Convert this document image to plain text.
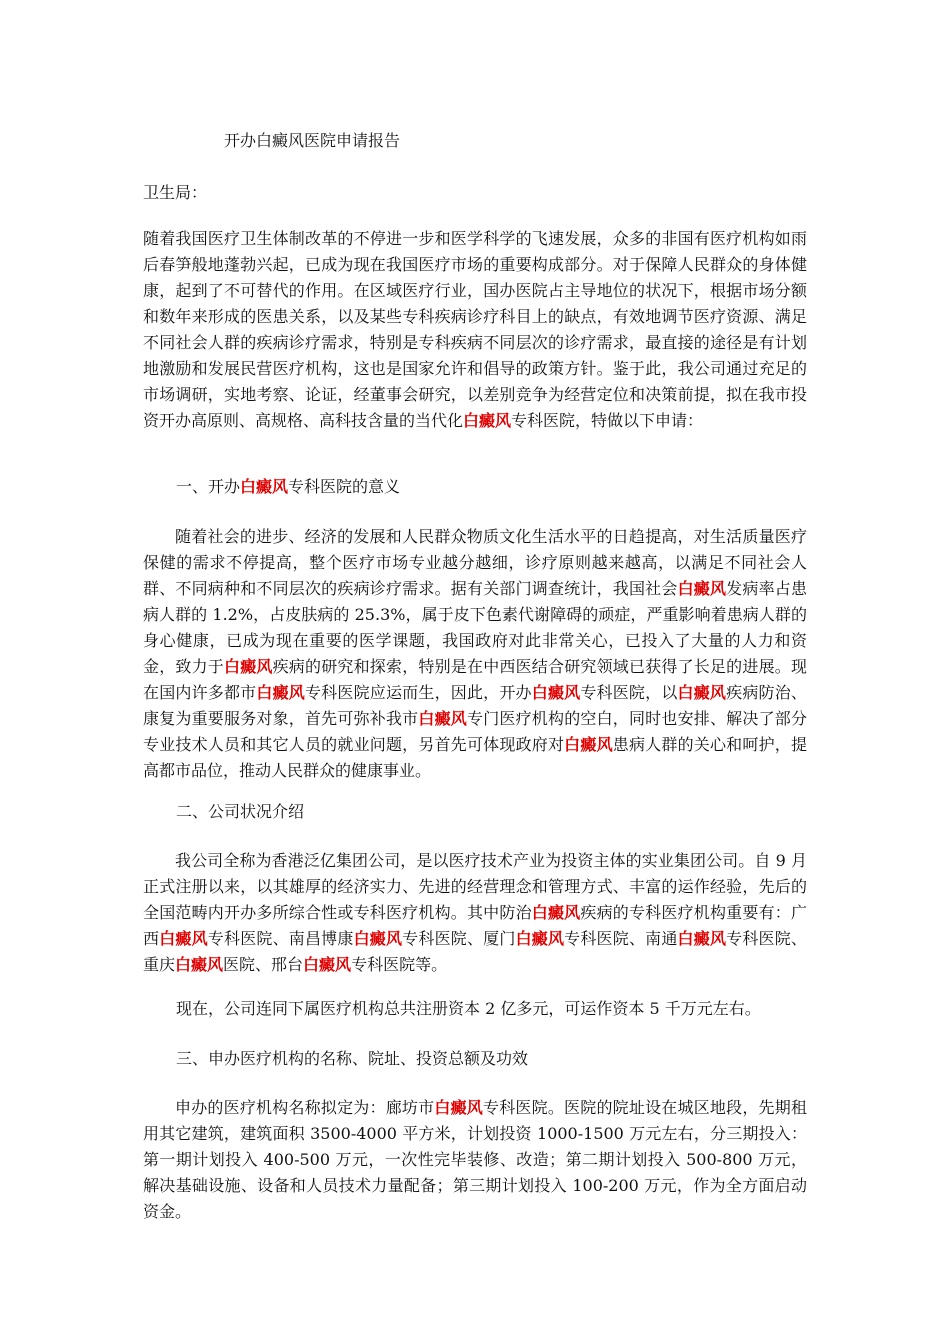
开办白癜风医院申请报告
卫生局：

随着我国医疗卫生体制改革的不停进一步和医学科学的飞速发展，众多的非国有医疗机构如雨后春笋般地蓬勃兴起，已成为现在我国医疗市场的重要构成部分。对于保障人民群众的身体健康，起到了不可替代的作用。在区域医疗行业，国办医院占主导地位的状况下，根据市场分额和数年来形成的医患关系，以及某些专科疾病诊疗科目上的缺点，有效地调节医疗资源、满足不同社会人群的疾病诊疗需求，特别是专科疾病不同层次的诊疗需求，最直接的途径是有计划地激励和发展民营医疗机构，这也是国家允许和倡导的政策方针。鉴于此，我公司通过充足的市场调研，实地考察、论证，经董事会研究，以差别竞争为经营定位和决策前提，拟在我市投资开办高原则、高规格、高科技含量的当代化白癜风专科医院，特做以下申请：

一、开办白癜风专科医院的意义

随着社会的进步、经济的发展和人民群众物质文化生活水平的日趋提高，对生活质量医疗保健的需求不停提高，整个医疗市场专业越分越细，诊疗原则越来越高，以满足不同社会人群、不同病种和不同层次的疾病诊疗需求。据有关部门调查统计，我国社会白癜风发病率占患病人群的 1.2%，占皮肤病的 25.3%，属于皮下色素代谢障碍的顽症，严重影响着患病人群的身心健康，已成为现在重要的医学课题，我国政府对此非常关心，已投入了大量的人力和资金，致力于白癜风疾病的研究和探索，特别是在中西医结合研究领域已获得了长足的进展。现在国内许多都市白癜风专科医院应运而生，因此，开办白癜风专科医院，以白癜风疾病防治、康复为重要服务对象，首先可弥补我市白癜风专门医疗机构的空白，同时也安排、解决了部分专业技术人员和其它人员的就业问题，另首先可体现政府对白癜风患病人群的关心和呵护，提高都市品位，推动人民群众的健康事业。

二、公司状况介绍

我公司全称为香港泛亿集团公司，是以医疗技术产业为投资主体的实业集团公司。自 9 月正式注册以来，以其雄厚的经济实力、先进的经营理念和管理方式、丰富的运作经验，先后的全国范畴内开办多所综合性或专科医疗机构。其中防治白癜风疾病的专科医疗机构重要有：广西白癜风专科医院、南昌博康白癜风专科医院、厦门白癜风专科医院、南通白癜风专科医院、重庆白癜风医院、邢台白癜风专科医院等。

现在，公司连同下属医疗机构总共注册资本 2 亿多元，可运作资本 5 千万元左右。

三、申办医疗机构的名称、院址、投资总额及功效

申办的医疗机构名称拟定为：廊坊市白癜风专科医院。医院的院址设在城区地段，先期租用其它建筑，建筑面积 3500-4000 平方米，计划投资 1000-1500 万元左右，分三期投入：第一期计划投入 400-500 万元，一次性完毕装修、改造；第二期计划投入 500-800 万元，解决基础设施、设备和人员技术力量配备；第三期计划投入 100-200 万元，作为全方面启动资金。
